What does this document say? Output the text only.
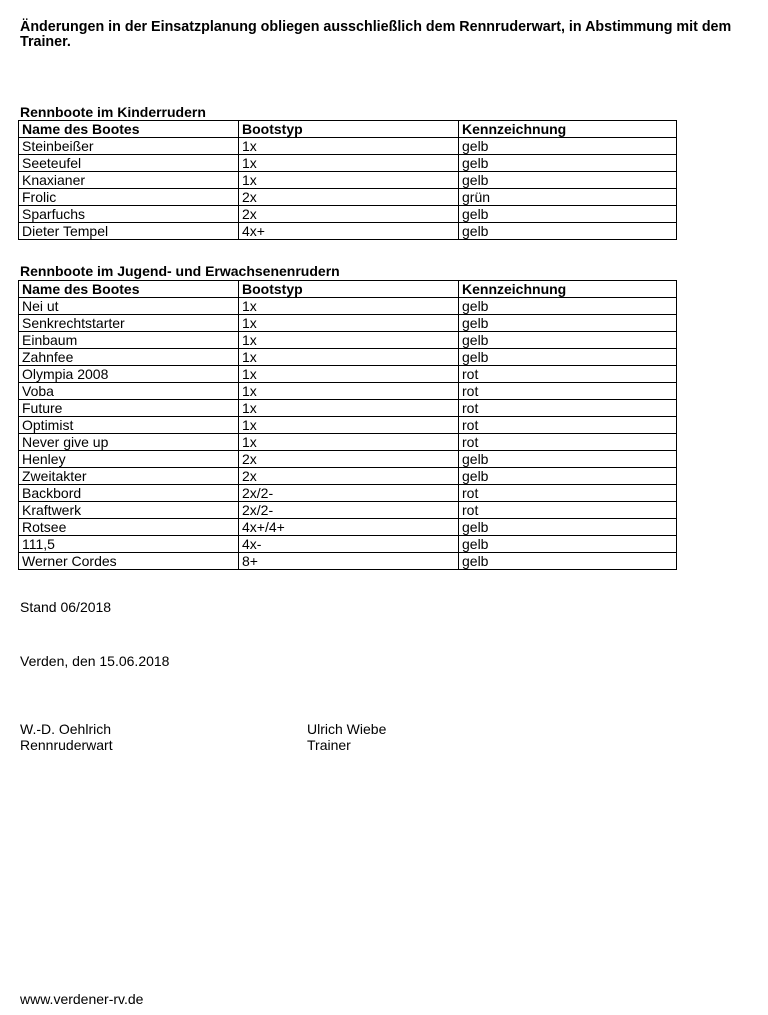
Änderungen in der Einsatzplanung obliegen ausschließlich dem Rennruderwart, in Abstimmung mit dem Trainer.
Rennboote im Kinderrudern
Name des Bootes	Bootstyp	Kennzeichnung
Steinbeißer	1x	gelb
Seeteufel	1x	gelb
Knaxianer	1x	gelb
Frolic	2x	grün
Sparfuchs	2x	gelb
Dieter Tempel	4x+	gelb
Rennboote im Jugend- und Erwachsenenrudern
Name des Bootes	Bootstyp	Kennzeichnung
Nei ut	1x	gelb
Senkrechtstarter	1x	gelb
Einbaum	1x	gelb
Zahnfee	1x	gelb
Olympia 2008	1x	rot
Voba	1x	rot
Future	1x	rot
Optimist	1x	rot
Never give up	1x	rot
Henley	2x	gelb
Zweitakter	2x	gelb
Backbord	2x/2-	rot
Kraftwerk	2x/2-	rot
Rotsee	4x+/4+	gelb
111,5	4x-	gelb
Werner Cordes	8+	gelb
Stand 06/2018
Verden, den 15.06.2018
W.-D. Oehlrich
Rennruderwart
Ulrich Wiebe
Trainer
www.verdener-rv.de
